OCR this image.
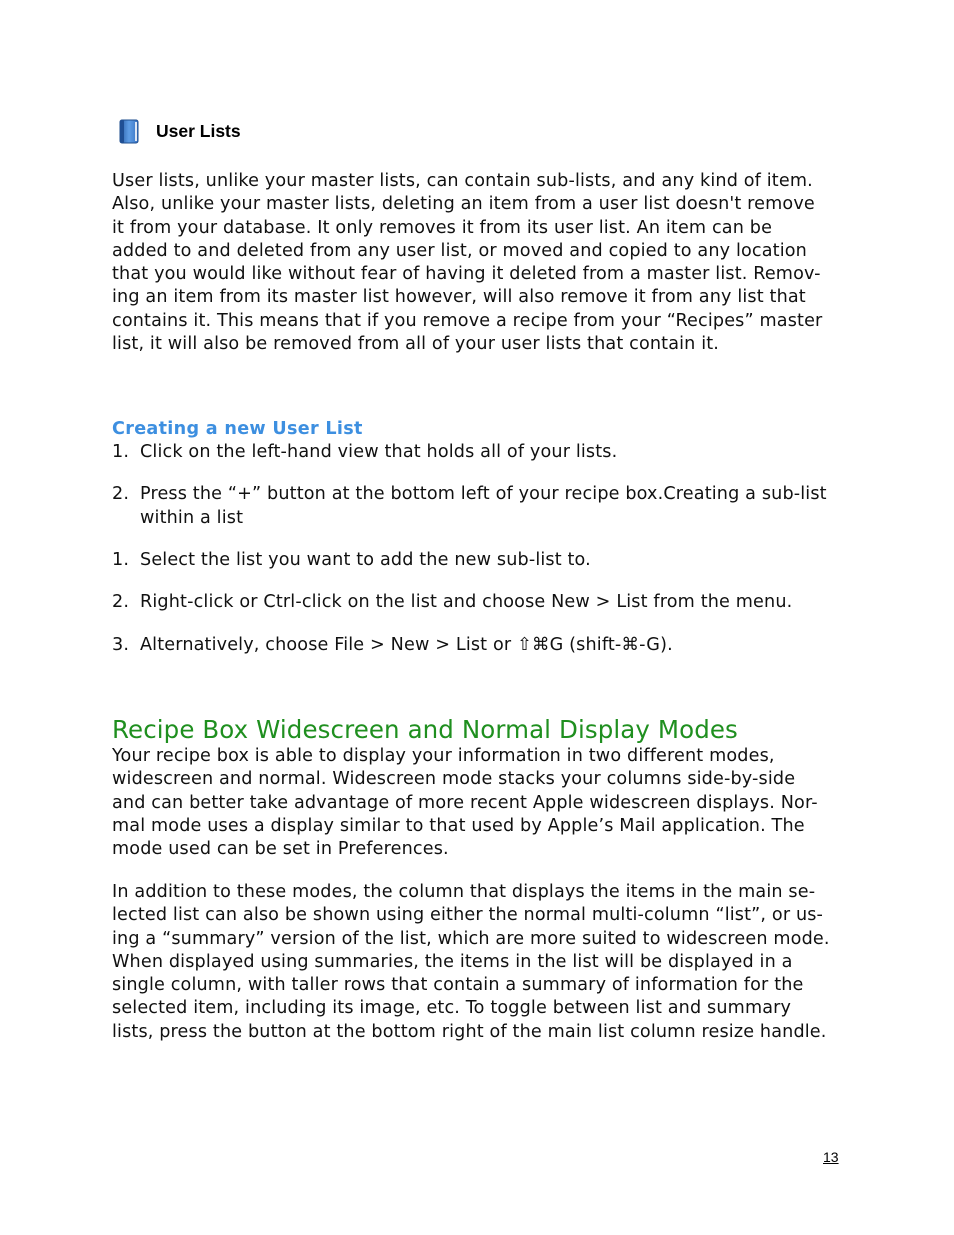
User Lists

User lists, unlike your master lists, can contain sub-lists, and any kind of item.
Also, unlike your master lists, deleting an item from a user list doesn't remove
it from your database. It only removes it from its user list. An item can be
added to and deleted from any user list, or moved and copied to any location
that you would like without fear of having it deleted from a master list. Remov-
ing an item from its master list however, will also remove it from any list that
contains it. This means that if you remove a recipe from your “Recipes” master
list, it will also be removed from all of your user lists that contain it.

Creating a new User List
1. Click on the left-hand view that holds all of your lists.
2. Press the “+” button at the bottom left of your recipe box.Creating a sub-list
within a list
1. Select the list you want to add the new sub-list to.
2. Right-click or Ctrl-click on the list and choose New > List from the menu.
3. Alternatively, choose File > New > List or ⇧⌘G (shift-⌘-G).
Recipe Box Widescreen and Normal Display Modes

Your recipe box is able to display your information in two different modes,
widescreen and normal. Widescreen mode stacks your columns side-by-side
and can better take advantage of more recent Apple widescreen displays. Nor-
mal mode uses a display similar to that used by Apple’s Mail application. The
mode used can be set in Preferences.

In addition to these modes, the column that displays the items in the main se-
lected list can also be shown using either the normal multi-column “list”, or us-
ing a “summary” version of the list, which are more suited to widescreen mode.
When displayed using summaries, the items in the list will be displayed in a
single column, with taller rows that contain a summary of information for the
selected item, including its image, etc. To toggle between list and summary
lists, press the button at the bottom right of the main list column resize handle.

13
